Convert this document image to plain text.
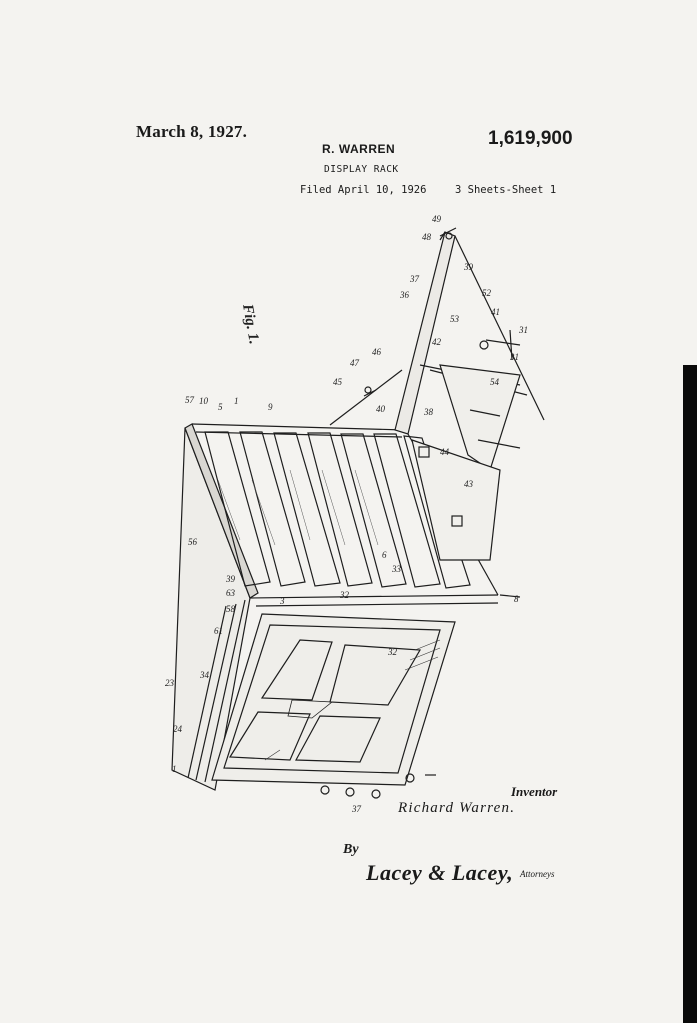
March 8, 1927.
R. WARREN	1,619,900
DISPLAY RACK
Filed April 10, 1926	3 Sheets-Sheet 1
Fig. 1.
57 10
5
1
9
56
6
33
39
63
58
61
3
34
23
24
1
32
37
8
32
43
42
38
44
40
45
47
46
36
37
48
49
39
52
53
41
54
31
31
Inventor
Richard Warren.
By
Lacey & Lacey, Attorneys
